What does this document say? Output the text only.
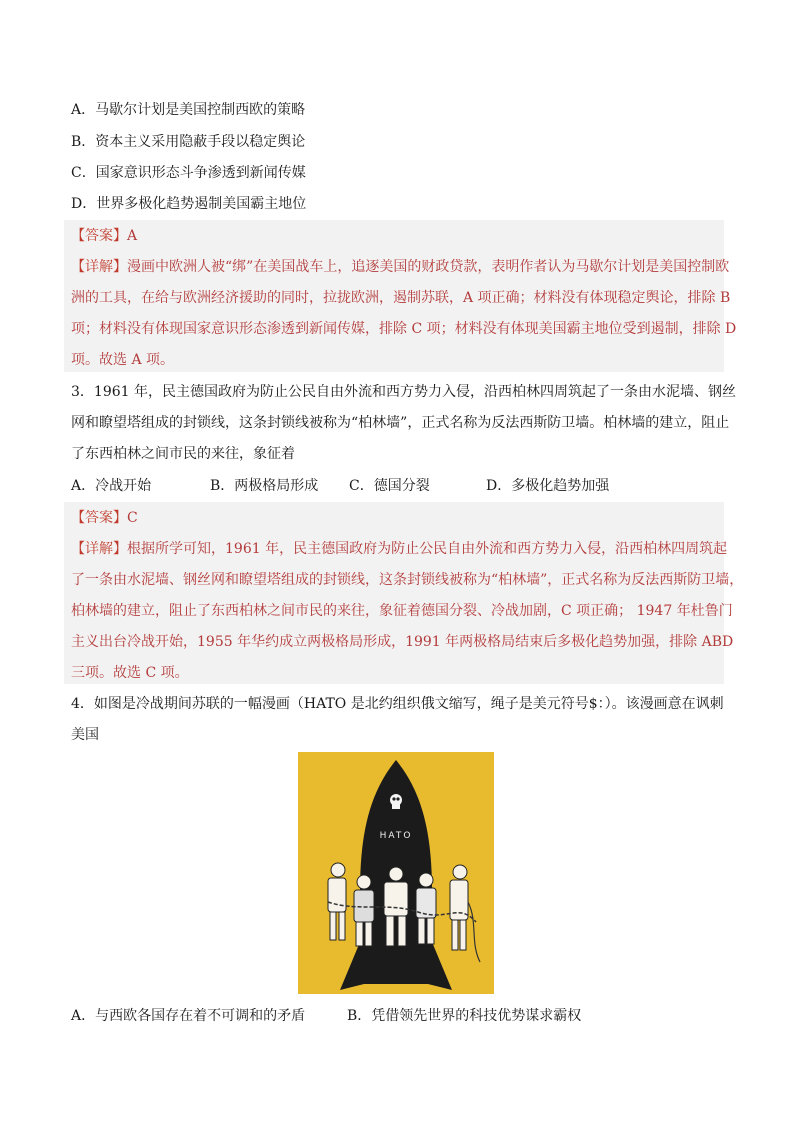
A．马歇尔计划是美国控制西欧的策略
B．资本主义采用隐蔽手段以稳定舆论
C．国家意识形态斗争渗透到新闻传媒
D．世界多极化趋势遏制美国霸主地位
【答案】A
【详解】漫画中欧洲人被“绑”在美国战车上，追逐美国的财政贷款，表明作者认为马歇尔计划是美国控制欧
洲的工具，在给与欧洲经济援助的同时，拉拢欧洲，遏制苏联，A 项正确；材料没有体现稳定舆论，排除 B
项；材料没有体现国家意识形态渗透到新闻传媒，排除 C 项；材料没有体现美国霸主地位受到遏制，排除 D
项。故选 A 项。
3．1961 年，民主德国政府为防止公民自由外流和西方势力入侵，沿西柏林四周筑起了一条由水泥墙、钢丝
网和瞭望塔组成的封锁线，这条封锁线被称为“柏林墙”，正式名称为反法西斯防卫墙。柏林墙的建立，阻止
了东西柏林之间市民的来往，象征着
A．冷战开始	B．两极格局形成 C．德国分裂	D．多极化趋势加强
【答案】C
【详解】根据所学可知，1961 年，民主德国政府为防止公民自由外流和西方势力入侵，沿西柏林四周筑起
了一条由水泥墙、钢丝网和瞭望塔组成的封锁线，这条封锁线被称为“柏林墙”，正式名称为反法西斯防卫墙，
柏林墙的建立，阻止了东西柏林之间市民的来往，象征着德国分裂、冷战加剧，C 项正确； 1947 年杜鲁门
主义出台冷战开始，1955 年华约成立两极格局形成，1991 年两极格局结束后多极化趋势加强，排除 ABD
三项。故选 C 项。
4．如图是冷战期间苏联的一幅漫画（HATO 是北约组织俄文缩写，绳子是美元符号$：）。该漫画意在讽刺
美国
HATO
A．与西欧各国存在着不可调和的矛盾	B．凭借领先世界的科技优势谋求霸权
